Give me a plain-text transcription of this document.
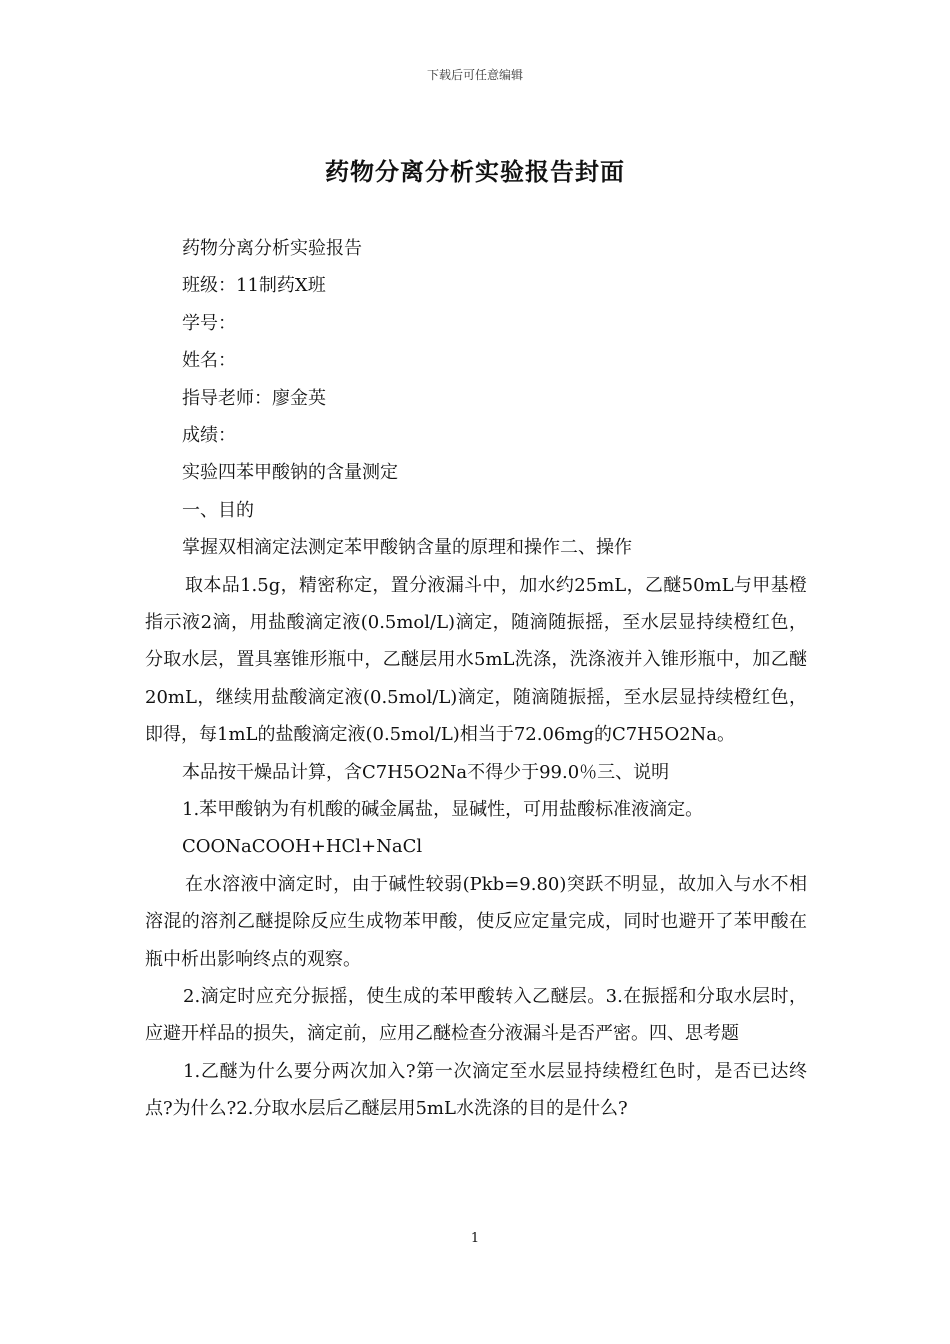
下载后可任意编辑
药物分离分析实验报告封面
药物分离分析实验报告
班级：11制药X班
学号：
姓名：
指导老师：廖金英
成绩：
实验四苯甲酸钠的含量测定
一、目的
掌握双相滴定法测定苯甲酸钠含量的原理和操作二、操作
取本品1.5g，精密称定，置分液漏斗中，加水约25mL，乙醚50mL与甲基橙指示液2滴，用盐酸滴定液(0.5mol/L)滴定，随滴随振摇，至水层显持续橙红色，分取水层，置具塞锥形瓶中，乙醚层用水5mL洗涤，洗涤液并入锥形瓶中，加乙醚20mL，继续用盐酸滴定液(0.5mol/L)滴定，随滴随振摇，至水层显持续橙红色，即得，每1mL的盐酸滴定液(0.5mol/L)相当于72.06mg的C7H5O2Na。
本品按干燥品计算，含C7H5O2Na不得少于99.0％三、说明
1.苯甲酸钠为有机酸的碱金属盐，显碱性，可用盐酸标准液滴定。
COONaCOOH+HCl+NaCl
在水溶液中滴定时，由于碱性较弱(Pkb=9.80)突跃不明显，故加入与水不相溶混的溶剂乙醚提除反应生成物苯甲酸，使反应定量完成，同时也避开了苯甲酸在瓶中析出影响终点的观察。
2.滴定时应充分振摇，使生成的苯甲酸转入乙醚层。3.在振摇和分取水层时，应避开样品的损失，滴定前，应用乙醚检查分液漏斗是否严密。四、思考题
1.乙醚为什么要分两次加入?第一次滴定至水层显持续橙红色时，是否已达终点?为什么?2.分取水层后乙醚层用5mL水洗涤的目的是什么?
1
